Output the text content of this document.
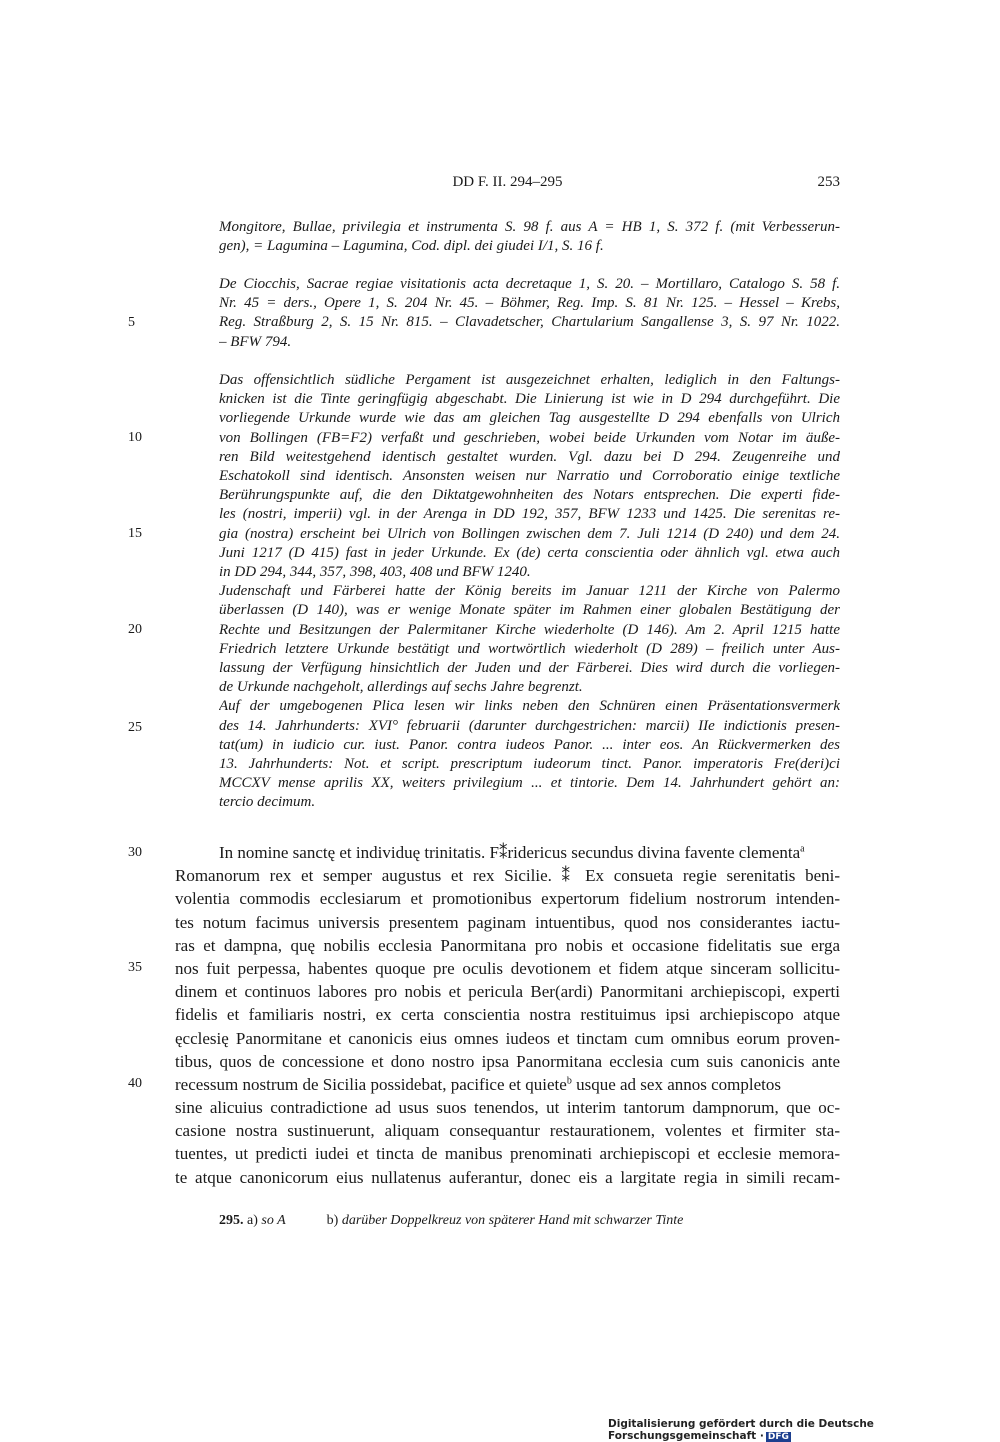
DD F. II. 294–295	253
5
10
15
20
25
30
35
40
Mongitore, Bullae, privilegia et instrumenta S. 98 f. aus A = HB 1, S. 372 f. (mit Verbesserun-
gen), = Lagumina – Lagumina, Cod. dipl. dei giudei I/1, S. 16 f.
De Ciocchis, Sacrae regiae visitationis acta decretaque 1, S. 20. – Mortillaro, Catalogo S. 58 f.
Nr. 45 = ders., Opere 1, S. 204 Nr. 45. – Böhmer, Reg. Imp. S. 81 Nr. 125. – Hessel – Krebs,
Reg. Straßburg 2, S. 15 Nr. 815. – Clavadetscher, Chartularium Sangallense 3, S. 97 Nr. 1022.
– BFW 794.
Das offensichtlich südliche Pergament ist ausgezeichnet erhalten, lediglich in den Faltungs-
knicken ist die Tinte geringfügig abgeschabt. Die Linierung ist wie in D 294 durchgeführt. Die
vorliegende Urkunde wurde wie das am gleichen Tag ausgestellte D 294 ebenfalls von Ulrich
von Bollingen (FB=F2) verfaßt und geschrieben, wobei beide Urkunden vom Notar im äuße-
ren Bild weitestgehend identisch gestaltet wurden. Vgl. dazu bei D 294. Zeugenreihe und
Eschatokoll sind identisch. Ansonsten weisen nur Narratio und Corroboratio einige textliche
Berührungspunkte auf, die den Diktatgewohnheiten des Notars entsprechen. Die experti fide-
les (nostri, imperii) vgl. in der Arenga in DD 192, 357, BFW 1233 und 1425. Die serenitas re-
gia (nostra) erscheint bei Ulrich von Bollingen zwischen dem 7. Juli 1214 (D 240) und dem 24.
Juni 1217 (D 415) fast in jeder Urkunde. Ex (de) certa conscientia oder ähnlich vgl. etwa auch
in DD 294, 344, 357, 398, 403, 408 und BFW 1240.
Judenschaft und Färberei hatte der König bereits im Januar 1211 der Kirche von Palermo
überlassen (D 140), was er wenige Monate später im Rahmen einer globalen Bestätigung der
Rechte und Besitzungen der Palermitaner Kirche wiederholte (D 146). Am 2. April 1215 hatte
Friedrich letztere Urkunde bestätigt und wortwörtlich wiederholt (D 289) – freilich unter Aus-
lassung der Verfügung hinsichtlich der Juden und der Färberei. Dies wird durch die vorliegen-
de Urkunde nachgeholt, allerdings auf sechs Jahre begrenzt.
Auf der umgebogenen Plica lesen wir links neben den Schnüren einen Präsentationsvermerk
des 14. Jahrhunderts: XVI° februarii (darunter durchgestrichen: marcii) IIe indictionis presen-
tat(um) in iudicio cur. iust. Panor. contra iudeos Panor. ... inter eos. An Rückvermerken des
13. Jahrhunderts: Not. et script. prescriptum iudeorum tinct. Panor. imperatoris Fre(deri)ci
MCCXV mense aprilis XX, weiters privilegium ... et tintorie. Dem 14. Jahrhundert gehört an:
tercio decimum.
In nomine sanctę et individuę trinitatis. F⁑ridericus secundus divina favente clementa$^a$
Romanorum rex et semper augustus et rex Sicilie. ⁑ Ex consueta regie serenitatis beni-
volentia commodis ecclesiarum et promotionibus expertorum fidelium nostrorum intenden-
tes notum facimus universis presentem paginam intuentibus, quod nos considerantes iactu-
ras et dampna, quę nobilis ecclesia Panormitana pro nobis et occasione fidelitatis sue erga
nos fuit perpessa, habentes quoque pre oculis devotionem et fidem atque sinceram sollicitu-
dinem et continuos labores pro nobis et pericula Ber(ardi) Panormitani archiepiscopi, experti
fidelis et familiaris nostri, ex certa conscientia nostra restituimus ipsi archiepiscopo atque
ęcclesię Panormitane et canonicis eius omnes iudeos et tinctam cum omnibus eorum proven-
tibus, quos de concessione et dono nostro ipsa Panormitana ecclesia cum suis canonicis ante
recessum nostrum de Sicilia possidebat, pacifice et quiete$^b$ usque ad sex annos completos
sine alicuius contradictione ad usus suos tenendos, ut interim tantorum dampnorum, que oc-
casione nostra sustinuerunt, aliquam consequantur restaurationem, volentes et firmiter sta-
tuentes, ut predicti iudei et tincta de manibus prenominati archiepiscopi et ecclesie memora-
te atque canonicorum eius nullatenus auferantur, donec eis a largitate regia in simili recam-
295. a) so A	b) darüber Doppelkreuz von späterer Hand mit schwarzer Tinte
Digitalisierung gefördert durch die Deutsche Forschungsgemeinschaft · DFG
